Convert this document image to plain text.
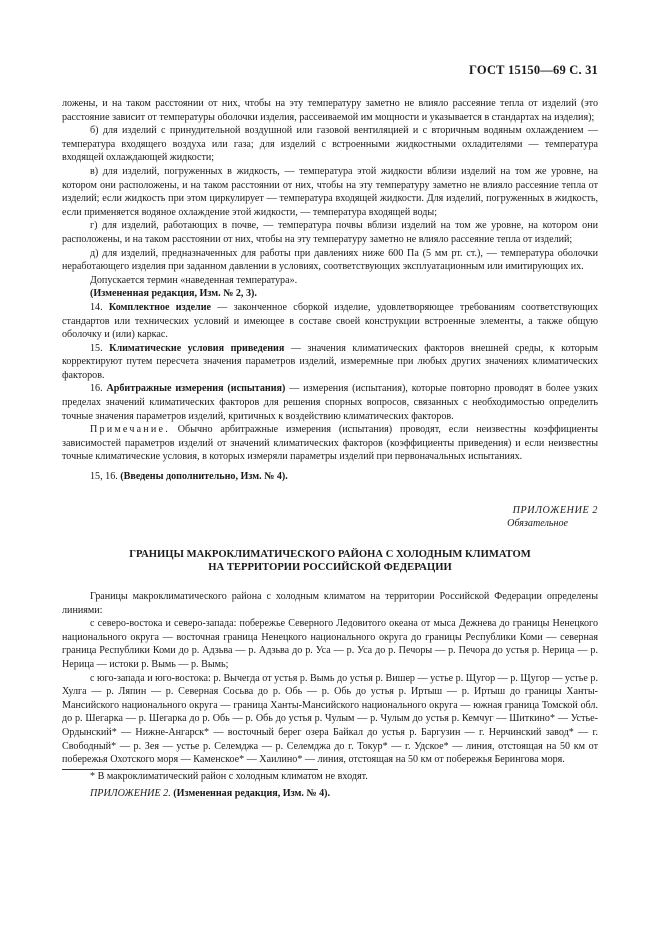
ГОСТ 15150—69 С. 31

ложены, и на таком расстоянии от них, чтобы на эту температуру заметно не влияло рассеяние тепла от изделий (это расстояние зависит от температуры оболочки изделия, рассеиваемой им мощности и указывается в стандартах на изделия);

б) для изделий с принудительной воздушной или газовой вентиляцией и с вторичным водяным охлаждением — температура входящего воздуха или газа; для изделий с встроенными жидкостными охладителями — температура входящей охлаждающей жидкости;

в) для изделий, погруженных в жидкость, — температура этой жидкости вблизи изделий на том же уровне, на котором они расположены, и на таком расстоянии от них, чтобы на эту температуру заметно не влияло рассеяние тепла от изделий; если жидкость при этом циркулирует — температура входящей жидкости. Для изделий, погруженных в жидкость, если применяется водяное охлаждение этой жидкости, — температура входящей воды;

г) для изделий, работающих в почве, — температура почвы вблизи изделий на том же уровне, на котором они расположены, и на таком расстоянии от них, чтобы на эту температуру заметно не влияло рассеяние тепла от изделий;

д) для изделий, предназначенных для работы при давлениях ниже 600 Па (5 мм рт. ст.), — температура оболочки неработающего изделия при заданном давлении в условиях, соответствующих эксплуатационным или имитирующих их.

Допускается термин «наведенная температура».

(Измененная редакция, Изм. № 2, 3).

14. Комплектное изделие — законченное сборкой изделие, удовлетворяющее требованиям соответствующих стандартов или технических условий и имеющее в составе своей конструкции встроенные элементы, а также общую оболочку и (или) каркас.

15. Климатические условия приведения — значения климатических факторов внешней среды, к которым корректируют путем пересчета значения параметров изделий, измеремные при любых других значениях климатических факторов.

16. Арбитражные измерения (испытания) — измерения (испытания), которые повторно проводят в более узких пределах значений климатических факторов для решения спорных вопросов, связанных с необходимостью определить точные значения параметров изделий, критичных к воздействию климатических факторов.

Примечание. Обычно арбитражные измерения (испытания) проводят, если неизвестны коэффициенты зависимостей параметров изделий от значений климатических факторов (коэффициенты приведения) и если неизвестны точные климатические условия, в которых измеряли параметры изделий при первоначальных испытаниях.

15, 16. (Введены дополнительно, Изм. № 4).

ПРИЛОЖЕНИЕ 2
Обязательное
ГРАНИЦЫ МАКРОКЛИМАТИЧЕСКОГО РАЙОНА С ХОЛОДНЫМ КЛИМАТОМ
НА ТЕРРИТОРИИ РОССИЙСКОЙ ФЕДЕРАЦИИ

Границы макроклиматического района с холодным климатом на территории Российской Федерации определены линиями:

с северо-востока и северо-запада: побережье Северного Ледовитого океана от мыса Дежнева до границы Ненецкого национального округа — восточная граница Ненецкого национального округа до границы Республики Коми — северная граница Республики Коми до р. Адзьва — р. Адзьва до р. Уса — р. Уса до р. Печоры — р. Печора до устья р. Нерица — р. Нерица — истоки р. Вымь — р. Вымь;

с юго-запада и юго-востока: р. Вычегда от устья р. Вымь до устья р. Вишер — устье р. Щугор — р. Щугор — устье р. Хулга — р. Ляпин — р. Северная Сосьва до р. Обь — р. Обь до устья р. Иртыш — р. Иртыш до границы Ханты-Мансийского национального округа — граница Ханты-Мансийского национального округа — южная граница Томской обл. до р. Шегарка — р. Шегарка до р. Обь — р. Обь до устья р. Чулым — р. Чулым до устья р. Кемчуг — Шиткино* — Устье-Ордынский* — Нижне-Ангарск* — восточный берег озера Байкал до устья р. Баргузин — г. Нерчинский завод* — г. Свободный* — р. Зея — устье р. Селемджа — р. Селемджа до г. Токур* — г. Удское* — линия, отстоящая на 50 км от побережья Охотского моря — Каменское* — Хаилино* — линия, отстоящая на 50 км от побережья Берингова моря.

* В макроклиматический район с холодным климатом не входят.

ПРИЛОЖЕНИЕ 2. (Измененная редакция, Изм. № 4).
